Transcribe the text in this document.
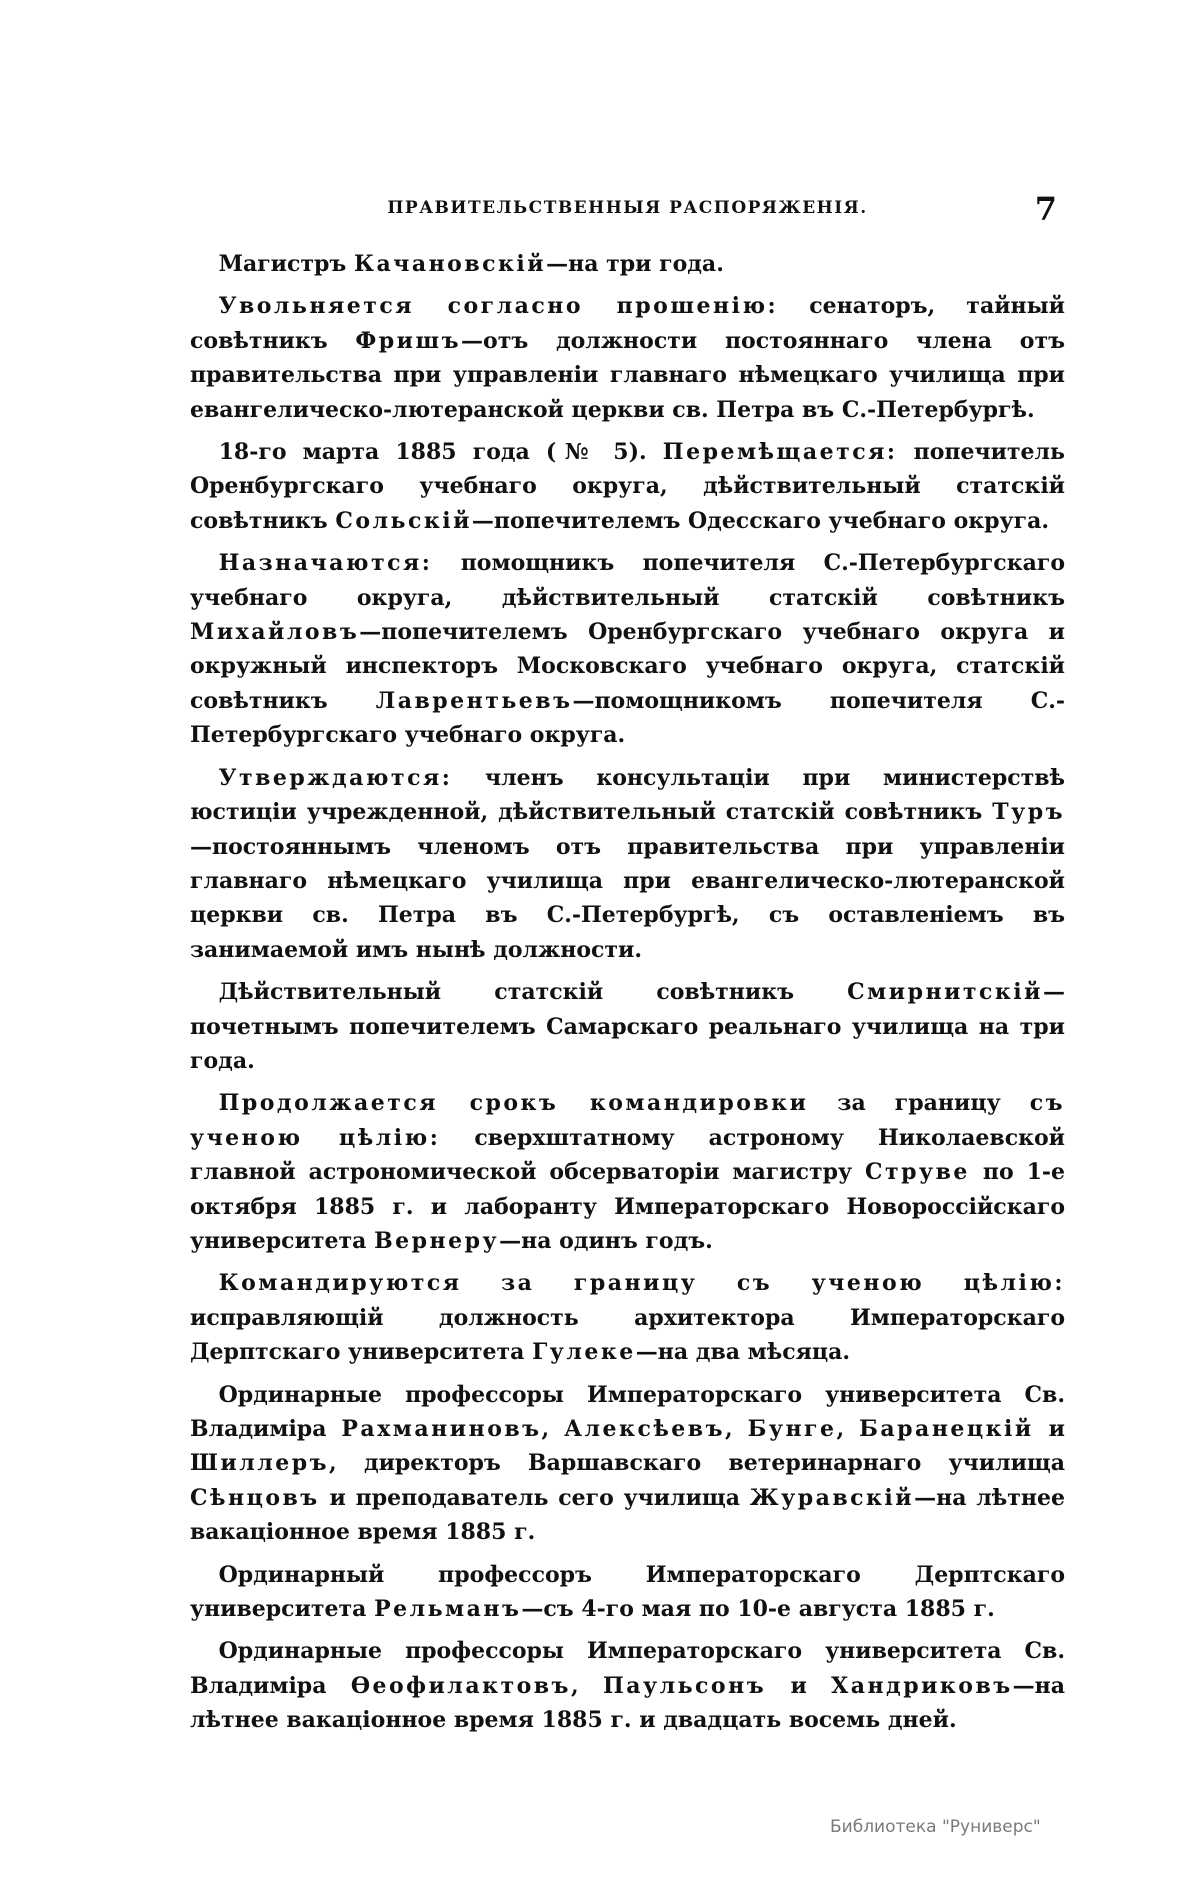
ПРАВИТЕЛЬСТВЕННЫЯ РАСПОРЯЖЕНІЯ.	7

Магистръ Качановскій—на три года.

Увольняется согласно прошенію: сенаторъ, тайный совѣтникъ Фришъ—отъ должности постояннаго члена отъ правительства при управленіи главнаго нѣмецкаго училища при евангелическо-лютеранской церкви св. Петра въ С.-Петербургѣ.

18-го марта 1885 года (№ 5). Перемѣщается: попечитель Оренбургскаго учебнаго округа, дѣйствительный статскій совѣтникъ Сольскій—попечителемъ Одесскаго учебнаго округа.

Назначаются: помощникъ попечителя С.-Петербургскаго учебнаго округа, дѣйствительный статскій совѣтникъ Михайловъ—попечителемъ Оренбургскаго учебнаго округа и окружный инспекторъ Московскаго учебнаго округа, статскій совѣтникъ Лаврентьевъ—помощникомъ попечителя С.-Петербургскаго учебнаго округа.

Утверждаются: членъ консультаціи при министерствѣ юстиціи учрежденной, дѣйствительный статскій совѣтникъ Туръ—постояннымъ членомъ отъ правительства при управленіи главнаго нѣмецкаго училища при евангелическо-лютеранской церкви св. Петра въ С.-Петербургѣ, съ оставленіемъ въ занимаемой имъ нынѣ должности.

Дѣйствительный статскій совѣтникъ Смирнитскій—почетнымъ попечителемъ Самарскаго реальнаго училища на три года.

Продолжается срокъ командировки за границу съ ученою цѣлію: сверхштатному астроному Николаевской главной астрономической обсерваторіи магистру Струве по 1-е октября 1885 г. и лаборанту Императорскаго Новороссійскаго университета Вернеру—на одинъ годъ.

Командируются за границу съ ученою цѣлію: исправляющій должность архитектора Императорскаго Дерптскаго университета Гулеке—на два мѣсяца.

Ординарные профессоры Императорскаго университета Св. Владиміра Рахманиновъ, Алексѣевъ, Бунге, Баранецкій и Шиллеръ, директоръ Варшавскаго ветеринарнаго училища Сѣнцовъ и преподаватель сего училища Журавскій—на лѣтнее вакаціонное время 1885 г.

Ординарный профессоръ Императорскаго Дерптскаго университета Рельманъ—съ 4-го мая по 10-е августа 1885 г.

Ординарные профессоры Императорскаго университета Св. Владиміра Ѳеофилактовъ, Паульсонъ и Хандриковъ—на лѣтнее вакаціонное время 1885 г. и двадцать восемь дней.

Библиотека "Руниверс"
